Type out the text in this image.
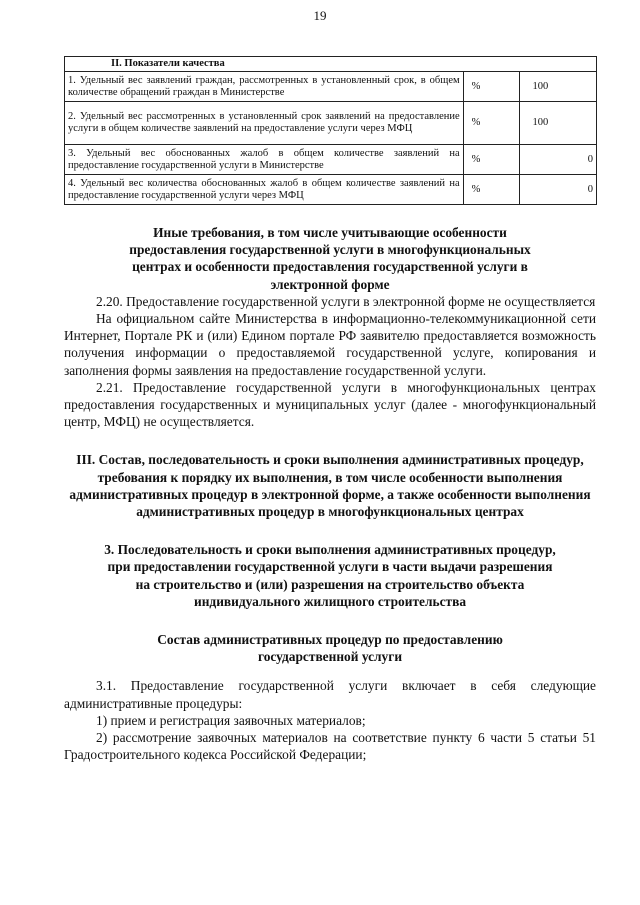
19
II. Показатели качества		
1. Удельный вес заявлений граждан, рассмотренных в установленный срок, в общем количестве обращений граждан в Министерстве	%	100
2. Удельный вес рассмотренных в установленный срок заявлений на предоставление услуги в общем количестве заявлений на предоставление услуги через МФЦ	%	100
3. Удельный вес обоснованных жалоб в общем количестве заявлений на предоставление государственной услуги в Министерстве	%	0
4. Удельный вес количества обоснованных жалоб в общем количестве заявлений на предоставление государственной услуги через МФЦ	%	0

Иные требования, в том числе учитывающие особенности предоставления государственной услуги в многофункциональных центрах и особенности предоставления государственной услуги в электронной форме

2.20. Предоставление государственной услуги в электронной форме не осуществляется

На официальном сайте Министерства в информационно-телекоммуникационной сети Интернет, Портале РК и (или) Едином портале РФ заявителю предоставляется возможность получения информации о предоставляемой государственной услуге, копирования и заполнения формы заявления на предоставление государственной услуги.

2.21. Предоставление государственной услуги в многофункциональных центрах предоставления государственных и муниципальных услуг (далее - многофункциональный центр, МФЦ) не осуществляется.

III. Состав, последовательность и сроки выполнения административных процедур, требования к порядку их выполнения, в том числе особенности выполнения административных процедур в электронной форме, а также особенности выполнения административных процедур в многофункциональных центрах

3. Последовательность и сроки выполнения административных процедур, при предоставлении государственной услуги в части выдачи разрешения на строительство и (или) разрешения на строительство объекта индивидуального жилищного строительства

Состав административных процедур по предоставлению государственной услуги

3.1. Предоставление государственной услуги включает в себя следующие административные процедуры:

1) прием и регистрация заявочных материалов;

2) рассмотрение заявочных материалов на соответствие пункту 6 части 5 статьи 51 Градостроительного кодекса Российской Федерации;
